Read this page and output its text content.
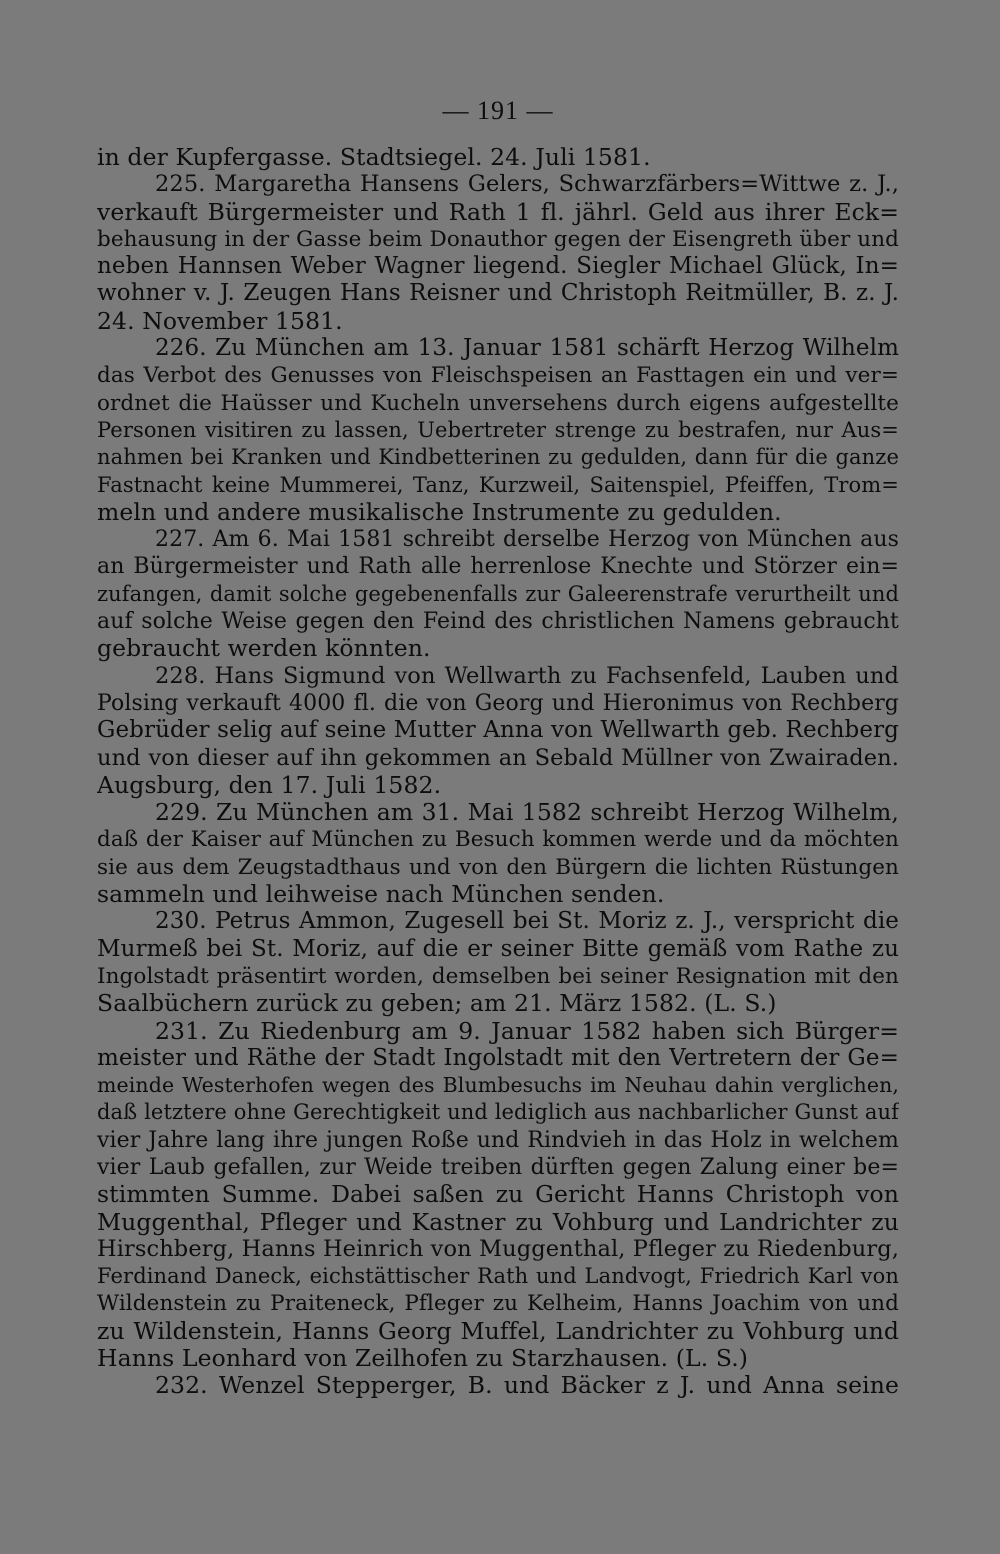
— 191 —
in der Kupfergasse. Stadtsiegel. 24. Juli 1581.
225. Margaretha Hansens Gelers, Schwarzfärbers=Wittwe z. J.,
verkauft Bürgermeister und Rath 1 fl. jährl. Geld aus ihrer Eck=
behausung in der Gasse beim Donauthor gegen der Eisengreth über und
neben Hannsen Weber Wagner liegend. Siegler Michael Glück, In=
wohner v. J. Zeugen Hans Reisner und Christoph Reitmüller, B. z. J.
24. November 1581.
226. Zu München am 13. Januar 1581 schärft Herzog Wilhelm
das Verbot des Genusses von Fleischspeisen an Fasttagen ein und ver=
ordnet die Haüsser und Kucheln unversehens durch eigens aufgestellte
Personen visitiren zu lassen, Uebertreter strenge zu bestrafen, nur Aus=
nahmen bei Kranken und Kindbetterinen zu gedulden, dann für die ganze
Fastnacht keine Mummerei, Tanz, Kurzweil, Saitenspiel, Pfeiffen, Trom=
meln und andere musikalische Instrumente zu gedulden.
227. Am 6. Mai 1581 schreibt derselbe Herzog von München aus
an Bürgermeister und Rath alle herrenlose Knechte und Störzer ein=
zufangen, damit solche gegebenenfalls zur Galeerenstrafe verurtheilt und
auf solche Weise gegen den Feind des christlichen Namens gebraucht
gebraucht werden könnten.
228. Hans Sigmund von Wellwarth zu Fachsenfeld, Lauben und
Polsing verkauft 4000 fl. die von Georg und Hieronimus von Rechberg
Gebrüder selig auf seine Mutter Anna von Wellwarth geb. Rechberg
und von dieser auf ihn gekommen an Sebald Müllner von Zwairaden.
Augsburg, den 17. Juli 1582.
229. Zu München am 31. Mai 1582 schreibt Herzog Wilhelm,
daß der Kaiser auf München zu Besuch kommen werde und da möchten
sie aus dem Zeugstadthaus und von den Bürgern die lichten Rüstungen
sammeln und leihweise nach München senden.
230. Petrus Ammon, Zugesell bei St. Moriz z. J., verspricht die
Murmeß bei St. Moriz, auf die er seiner Bitte gemäß vom Rathe zu
Ingolstadt präsentirt worden, demselben bei seiner Resignation mit den
Saalbüchern zurück zu geben; am 21. März 1582. (L. S.)
231. Zu Riedenburg am 9. Januar 1582 haben sich Bürger=
meister und Räthe der Stadt Ingolstadt mit den Vertretern der Ge=
meinde Westerhofen wegen des Blumbesuchs im Neuhau dahin verglichen,
daß letztere ohne Gerechtigkeit und lediglich aus nachbarlicher Gunst auf
vier Jahre lang ihre jungen Roße und Rindvieh in das Holz in welchem
vier Laub gefallen, zur Weide treiben dürften gegen Zalung einer be=
stimmten Summe. Dabei saßen zu Gericht Hanns Christoph von
Muggenthal, Pfleger und Kastner zu Vohburg und Landrichter zu
Hirschberg, Hanns Heinrich von Muggenthal, Pfleger zu Riedenburg,
Ferdinand Daneck, eichstättischer Rath und Landvogt, Friedrich Karl von
Wildenstein zu Praiteneck, Pfleger zu Kelheim, Hanns Joachim von und
zu Wildenstein, Hanns Georg Muffel, Landrichter zu Vohburg und
Hanns Leonhard von Zeilhofen zu Starzhausen. (L. S.)
232. Wenzel Stepperger, B. und Bäcker z J. und Anna seine
